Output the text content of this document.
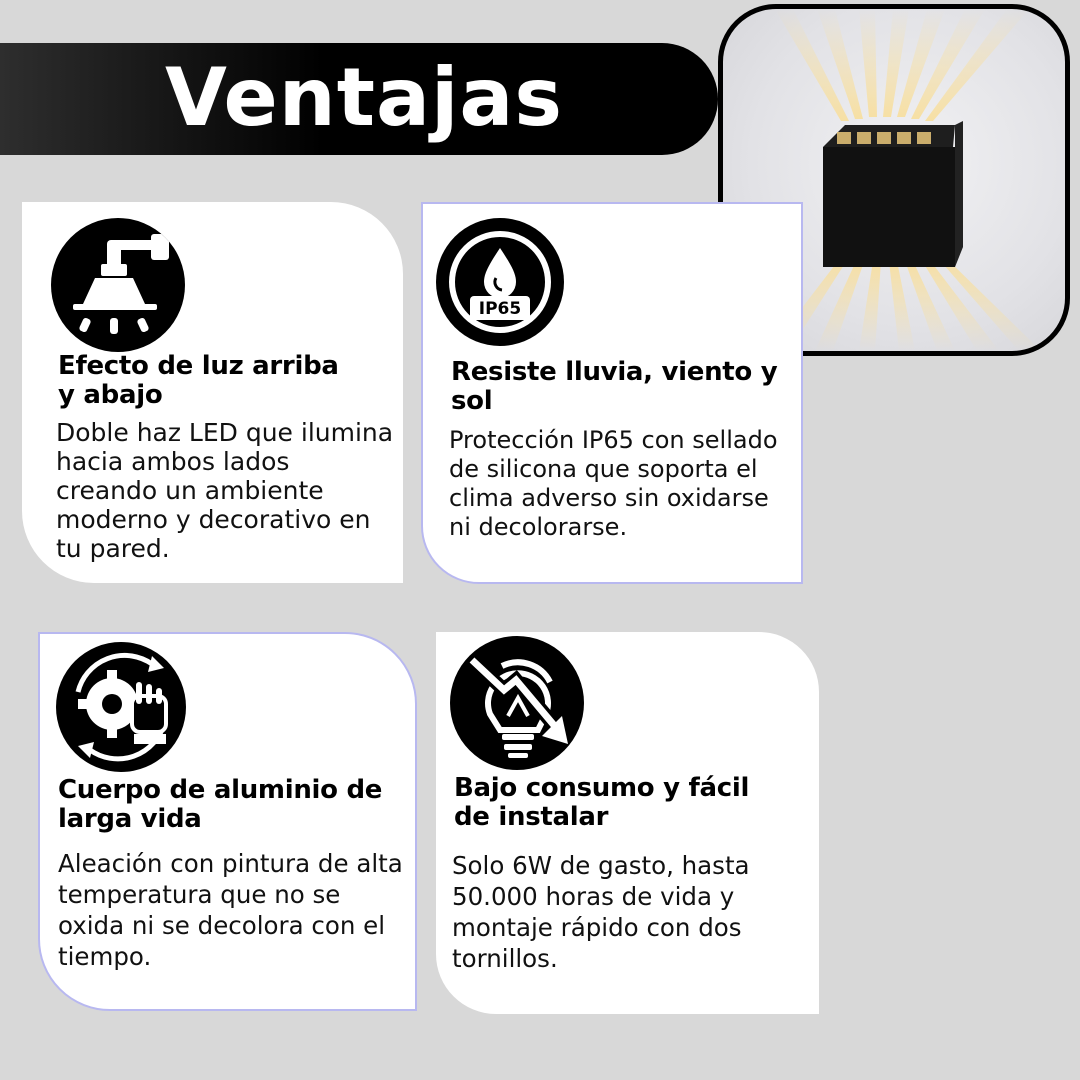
Ventajas
Efecto de luz arriba y abajo

Doble haz LED que ilumina hacia ambos lados creando un ambiente moderno y decorativo en tu pared.

IP65
Resiste lluvia, viento y sol

Protección IP65 con sellado de silicona que soporta el clima adverso sin oxidarse ni decolorarse.

Cuerpo de aluminio de larga vida

Aleación con pintura de alta temperatura que no se oxida ni se decolora con el tiempo.

Bajo consumo y fácil de instalar

Solo 6W de gasto, hasta 50.000 horas de vida y montaje rápido con dos tornillos.
